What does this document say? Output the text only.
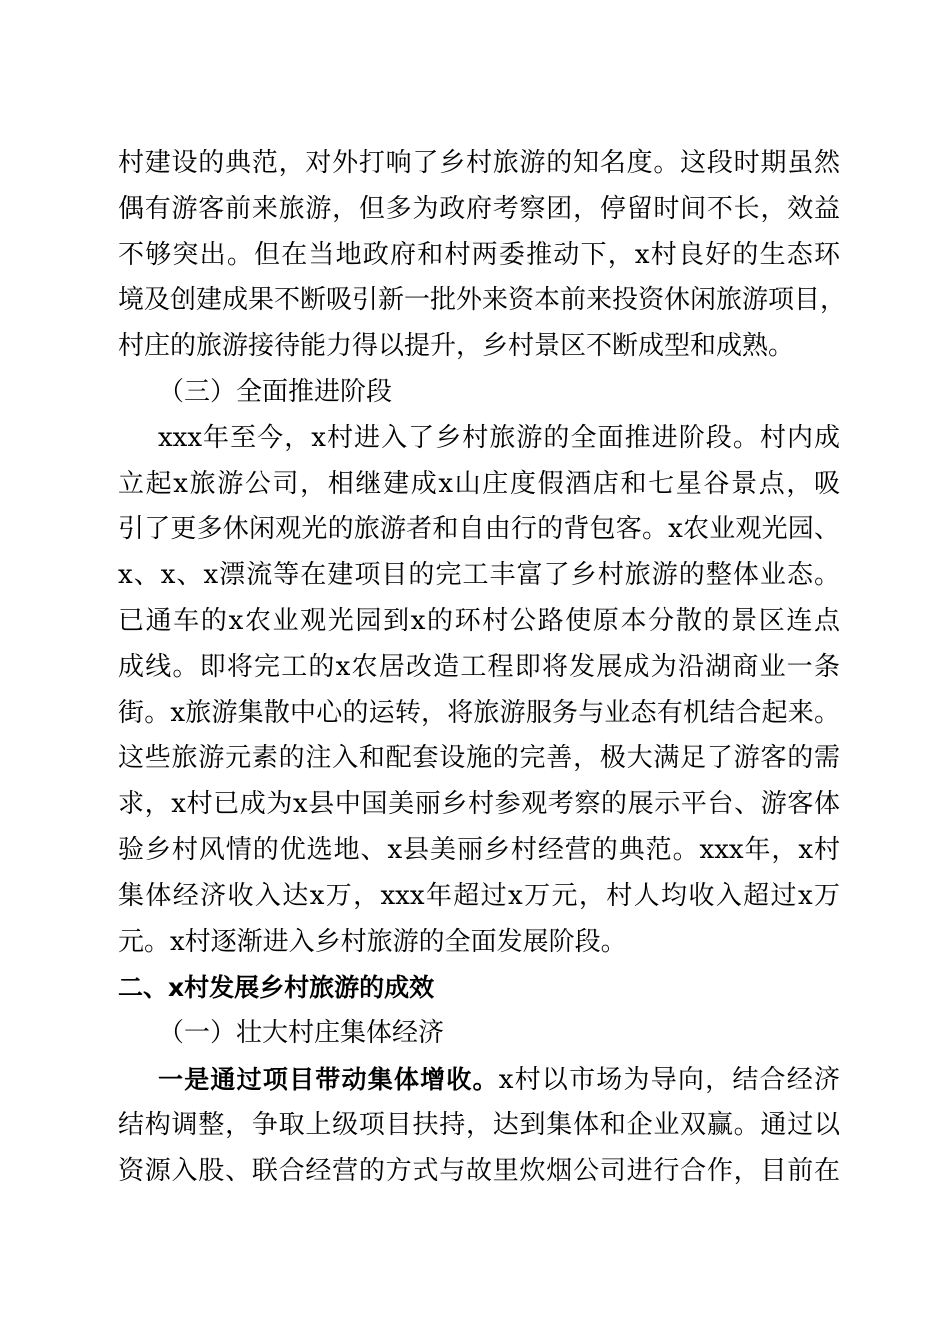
村建设的典范，对外打响了乡村旅游的知名度。这段时期虽然
偶有游客前来旅游，但多为政府考察团，停留时间不长，效益
不够突出。但在当地政府和村两委推动下，x村良好的生态环
境及创建成果不断吸引新一批外来资本前来投资休闲旅游项目，
村庄的旅游接待能力得以提升，乡村景区不断成型和成熟。
（三）全面推进阶段
xxx年至今，x村进入了乡村旅游的全面推进阶段。村内成
立起x旅游公司，相继建成x山庄度假酒店和七星谷景点，吸
引了更多休闲观光的旅游者和自由行的背包客。x农业观光园、
x、x、x漂流等在建项目的完工丰富了乡村旅游的整体业态。
已通车的x农业观光园到x的环村公路使原本分散的景区连点
成线。即将完工的x农居改造工程即将发展成为沿湖商业一条
街。x旅游集散中心的运转，将旅游服务与业态有机结合起来。
这些旅游元素的注入和配套设施的完善，极大满足了游客的需
求，x村已成为x县中国美丽乡村参观考察的展示平台、游客体
验乡村风情的优选地、x县美丽乡村经营的典范。xxx年，x村
集体经济收入达x万，xxx年超过x万元，村人均收入超过x万
元。x村逐渐进入乡村旅游的全面发展阶段。
二、x村发展乡村旅游的成效
（一）壮大村庄集体经济
一是通过项目带动集体增收。x村以市场为导向，结合经济
结构调整，争取上级项目扶持，达到集体和企业双赢。通过以
资源入股、联合经营的方式与故里炊烟公司进行合作，目前在
